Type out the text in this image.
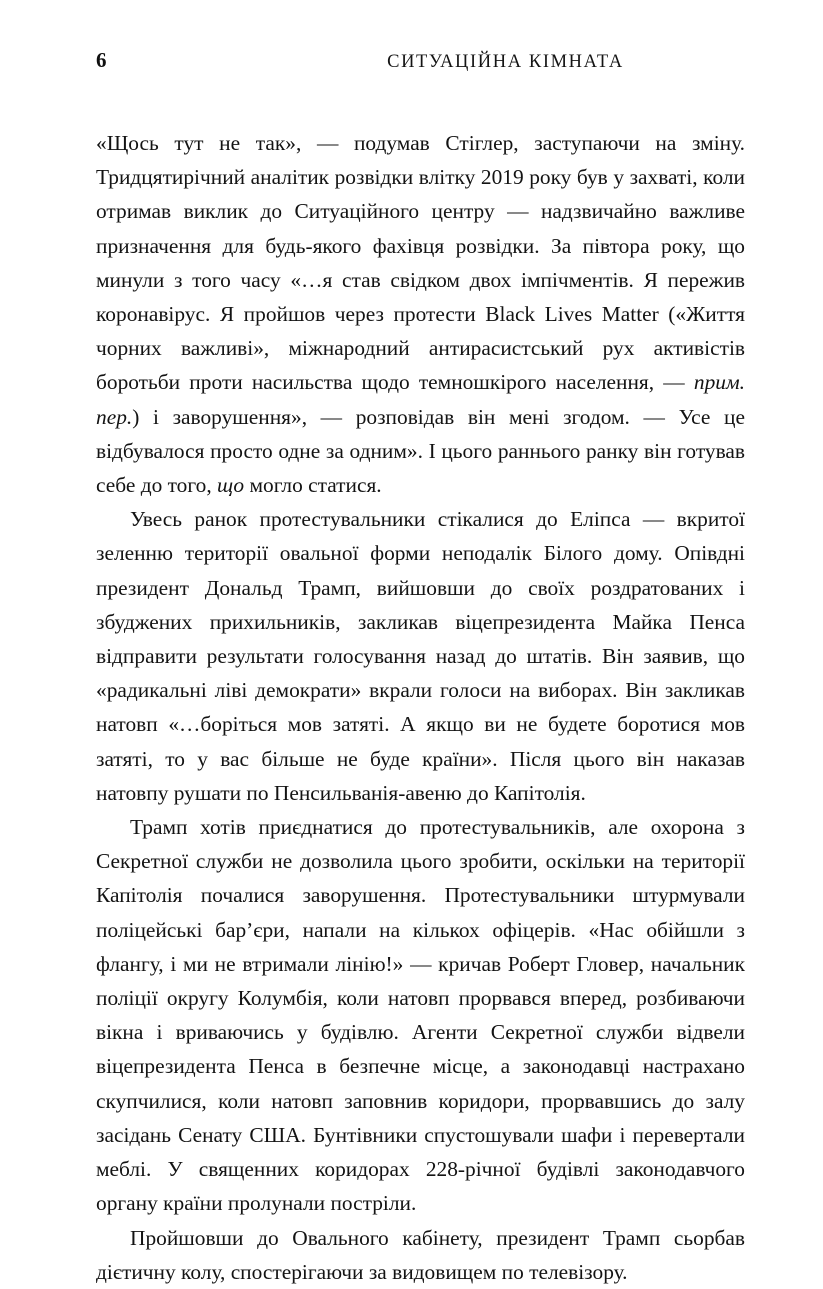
6	СИТУАЦІЙНА КІМНАТА

«Щось тут не так», — подумав Стіглер, заступаючи на зміну. Тридцятирічний аналітик розвідки влітку 2019 року був у захваті, коли отримав виклик до Ситуаційного центру — надзвичайно важливе призначення для будь-якого фахівця розвідки. За півтора року, що минули з того часу «…я став свідком двох імпічментів. Я пережив коронавірус. Я пройшов через протести Black Lives Matter («Життя чорних важливі», міжнародний антирасистський рух активістів боротьби проти насильства щодо темношкірого населення, — прим. пер.) і заворушення», — розповідав він мені згодом. — Усе це відбувалося просто одне за одним». І цього раннього ранку він готував себе до того, що могло статися.

Увесь ранок протестувальники стікалися до Еліпса — вкритої зеленню території овальної форми неподалік Білого дому. Опівдні президент Дональд Трамп, вийшовши до своїх роздратованих і збуджених прихильників, закликав віцепрезидента Майка Пенса відправити результати голосування назад до штатів. Він заявив, що «радикальні ліві демократи» вкрали голоси на виборах. Він закликав натовп «…боріться мов затяті. А якщо ви не будете боротися мов затяті, то у вас більше не буде країни». Після цього він наказав натовпу рушати по Пенсильванія-авеню до Капітолія.

Трамп хотів приєднатися до протестувальників, але охорона з Секретної служби не дозволила цього зробити, оскільки на території Капітолія почалися заворушення. Протестувальники штурмували поліцейські бар’єри, напали на кількох офіцерів. «Нас обійшли з флангу, і ми не втримали лінію!» — кричав Роберт Гловер, начальник поліції округу Колумбія, коли натовп прорвався вперед, розбиваючи вікна і вриваючись у будівлю. Агенти Секретної служби відвели віцепрезидента Пенса в безпечне місце, а законодавці настрахано скупчилися, коли натовп заповнив коридори, прорвавшись до залу засідань Сенату США. Бунтівники спустошували шафи і перевертали меблі. У священних коридорах 228-річної будівлі законодавчого органу країни пролунали постріли.

Пройшовши до Овального кабінету, президент Трамп сьорбав дієтичну колу, спостерігаючи за видовищем по телевізору.
